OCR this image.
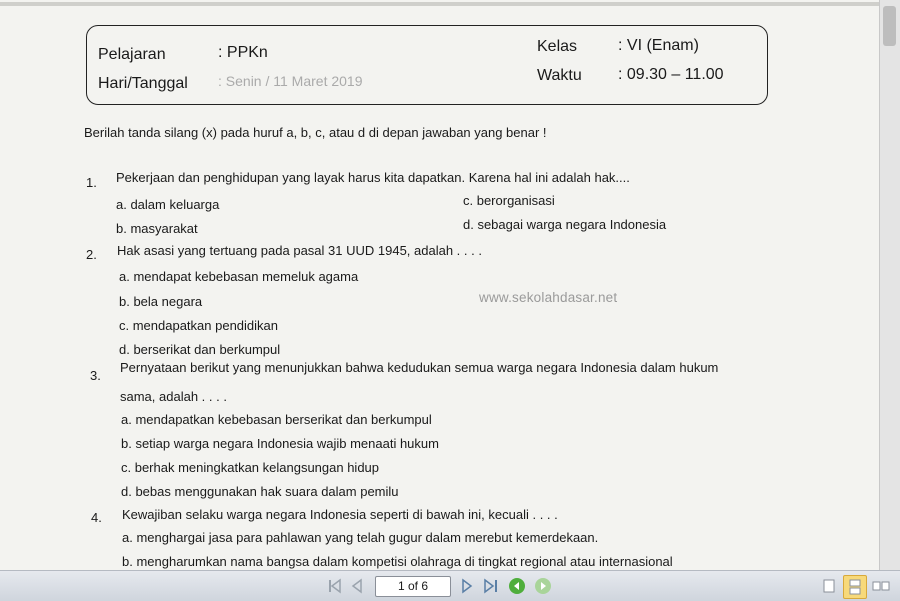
Pelajaran	: PPKn
Hari/Tanggal : Senin / 11 Maret 2019
Kelas	: VI (Enam)
Waktu : 09.30 – 11.00
Berilah tanda silang (x) pada huruf a, b, c, atau d di depan jawaban yang benar !
1. Pekerjaan dan penghidupan yang layak harus kita dapatkan. Karena hal ini adalah hak....
a. dalam keluarga
b. masyarakat
c. berorganisasi
d. sebagai warga negara Indonesia
2. Hak asasi yang tertuang pada pasal 31 UUD 1945, adalah . . . .
a. mendapat kebebasan memeluk agama
b. bela negara
c. mendapatkan pendidikan
d. berserikat dan berkumpul
www.sekolahdasar.net
3.
Pernyataan berikut yang menunjukkan bahwa kedudukan semua warga negara Indonesia dalam hukum
sama, adalah . . . .
a. mendapatkan kebebasan berserikat dan berkumpul
b. setiap warga negara Indonesia wajib menaati hukum
c. berhak meningkatkan kelangsungan hidup
d. bebas menggunakan hak suara dalam pemilu
4. Kewajiban selaku warga negara Indonesia seperti di bawah ini, kecuali . . . .
a. menghargai jasa para pahlawan yang telah gugur dalam merebut kemerdekaan.
b. mengharumkan nama bangsa dalam kompetisi olahraga di tingkat regional atau internasional
1 of 6
